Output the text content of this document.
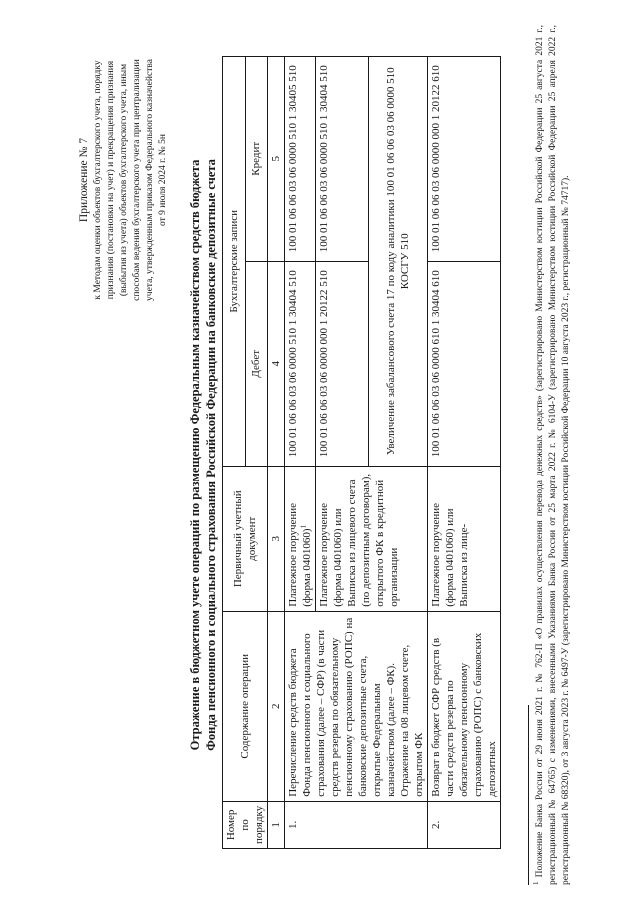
Приложение № 7 к Методам оценки объектов бухгалтерского учета, порядку признания (постановки на учет) и прекращения признания (выбытия из учета) объектов бухгалтерского учета, иным способам ведения бухгалтерского учета при централизации учета, утвержденным приказом Федерального казначейства от 9 июля 2024 г. № 5н Отражение в бюджетном учете операций по размещению Федеральным казначейством средств бюджета Фонда пенсионного и социального страхования Российской Федерации на банковские депозитные счета
Номер по порядку	Содержание операции	Первичный учетный документ	Бухгалтерские записи	
			Дебет	Кредит
1	2	3	4	5
1.	Перечисление средств бюджета Фонда пенсионного и социального страхования (далее – СФР) (в части средств резерва по обязательному пенсионному страхованию (РОПС) на банковские депозитные счета, открытые Федеральным казначейством (далее – ФК). Отражение на 08 лицевом счете, открытом ФК	Платежное поручение (форма 0401060)$^1$	100 01 06 06 03 06 0000 510 1 30404 510	100 01 06 06 03 06 0000 510 1 30405 510
		Платежное поручение (форма 0401060) или Выписка из лицевого счета (по депозитным договорам), открытого ФК в кредитной организации	100 01 06 06 03 06 0000 000 1 20122 510	100 01 06 06 03 06 0000 510 1 30404 510
			Увеличение забалансового счета 17 по коду аналитики 100 01 06 06 03 06 0000 510 КОСГУ 510	
2.	Возврат в бюджет СФР средств (в части средств резерва по обязательному пенсионному страхованию (РОПС) с банковских депозитных	Платежное поручение (форма 0401060) или Выписка из лице-	100 01 06 06 03 06 0000 610 1 30404 610	100 01 06 06 03 06 0000 000 1 20122 610
$^1$ Положение Банка России от 29 июня 2021 г. № 762-П «О правилах осуществления перевода денежных средств» (зарегистрировано Министерством юстиции Российской Федерации 25 августа 2021 г., регистрационный № 64765) с изменениями, внесенными Указаниями Банка России от 25 марта 2022 г. № 6104-У (зарегистрировано Министерством юстиции Российской Федерации 25 апреля 2022 г., регистрационный № 68320), от 3 августа 2023 г. № 6497-У (зарегистрировано Министерством юстиции Российской Федерации 10 августа 2023 г., регистрационный № 74717).
